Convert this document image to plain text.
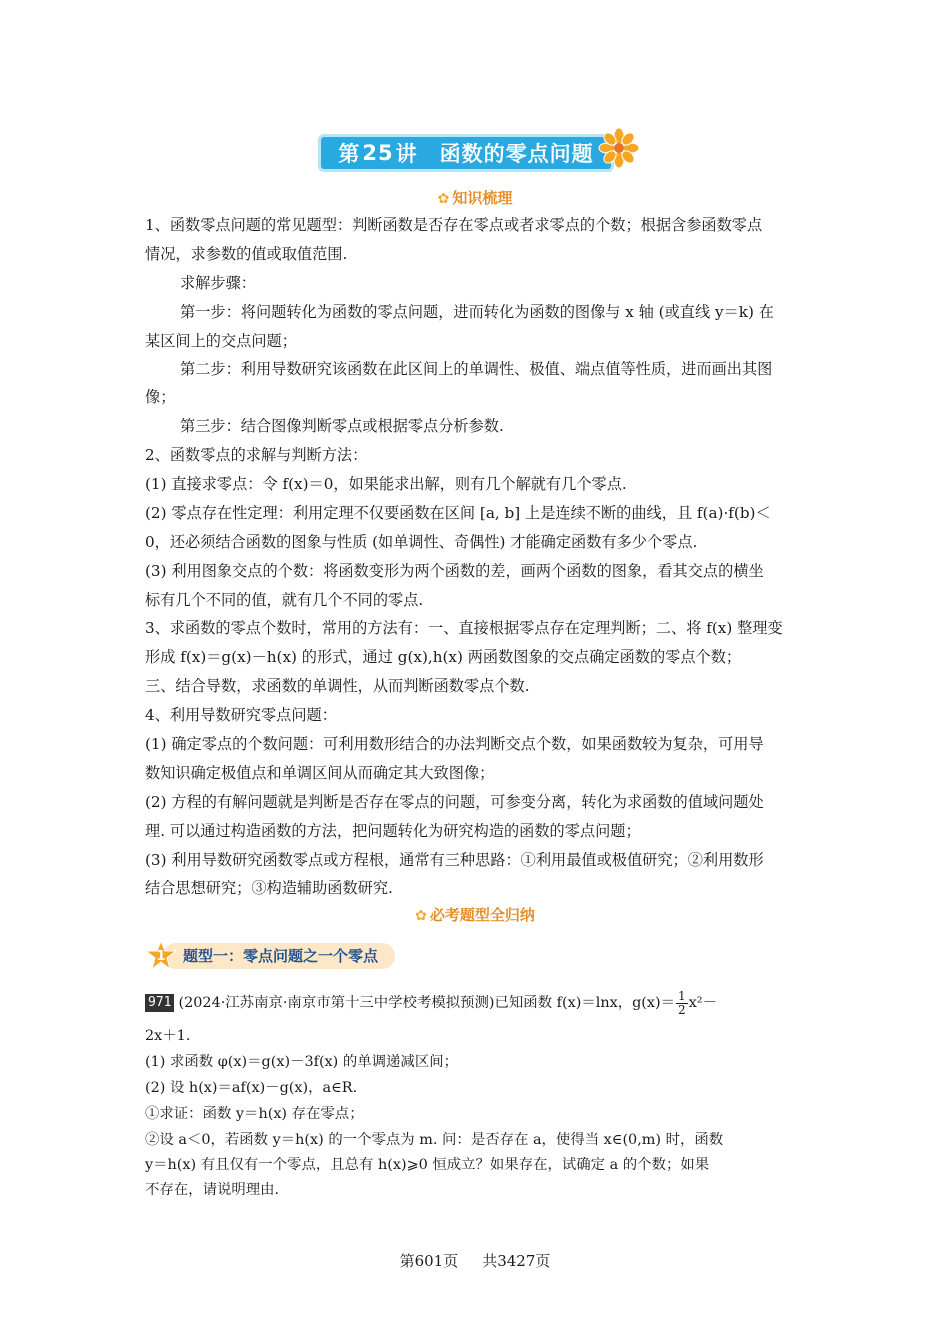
第 25 讲 函数的零点问题
✿ 知识梳理
1、函数零点问题的常见题型：判断函数是否存在零点或者求零点的个数；根据含参函数零点
情况，求参数的值或取值范围.
求解步骤：
第一步：将问题转化为函数的零点问题，进而转化为函数的图像与 x 轴 (或直线 y＝k) 在
某区间上的交点问题；
第二步：利用导数研究该函数在此区间上的单调性、极值、端点值等性质，进而画出其图
像；
第三步：结合图像判断零点或根据零点分析参数.
2、函数零点的求解与判断方法：
(1) 直接求零点：令 f(x)＝0，如果能求出解，则有几个解就有几个零点.
(2) 零点存在性定理：利用定理不仅要函数在区间 [a, b] 上是连续不断的曲线，且 f(a)·f(b)＜
0，还必须结合函数的图象与性质 (如单调性、奇偶性) 才能确定函数有多少个零点.
(3) 利用图象交点的个数：将函数变形为两个函数的差，画两个函数的图象，看其交点的横坐
标有几个不同的值，就有几个不同的零点.
3、求函数的零点个数时，常用的方法有：一、直接根据零点存在定理判断；二、将 f(x) 整理变
形成 f(x)＝g(x)－h(x) 的形式，通过 g(x),h(x) 两函数图象的交点确定函数的零点个数；
三、结合导数，求函数的单调性，从而判断函数零点个数.
4、利用导数研究零点问题：
(1) 确定零点的个数问题：可利用数形结合的办法判断交点个数，如果函数较为复杂，可用导
数知识确定极值点和单调区间从而确定其大致图像；
(2) 方程的有解问题就是判断是否存在零点的问题，可参变分离，转化为求函数的值域问题处
理. 可以通过构造函数的方法，把问题转化为研究构造的函数的零点问题；
(3) 利用导数研究函数零点或方程根，通常有三种思路：①利用最值或极值研究；②利用数形
结合思想研究；③构造辅助函数研究.
✿ 必考题型全归纳
1	题型一：零点问题之一个零点
971 (2024·江苏南京·南京市第十三中学校考模拟预测)已知函数 f(x)＝lnx，$g(x)= \frac{1}{2} x^2-$
2x＋1.
(1) 求函数 φ(x)＝g(x)－3f(x) 的单调递减区间；
(2) 设 h(x)＝af(x)－g(x)，a∈R.
①求证：函数 y＝h(x) 存在零点；
②设 a＜0，若函数 y＝h(x) 的一个零点为 m. 问：是否存在 a，使得当 x∈(0,m) 时，函数
y＝h(x) 有且仅有一个零点，且总有 h(x)⩾0 恒成立？如果存在，试确定 a 的个数；如果
不存在，请说明理由.
第601页 共3427页
